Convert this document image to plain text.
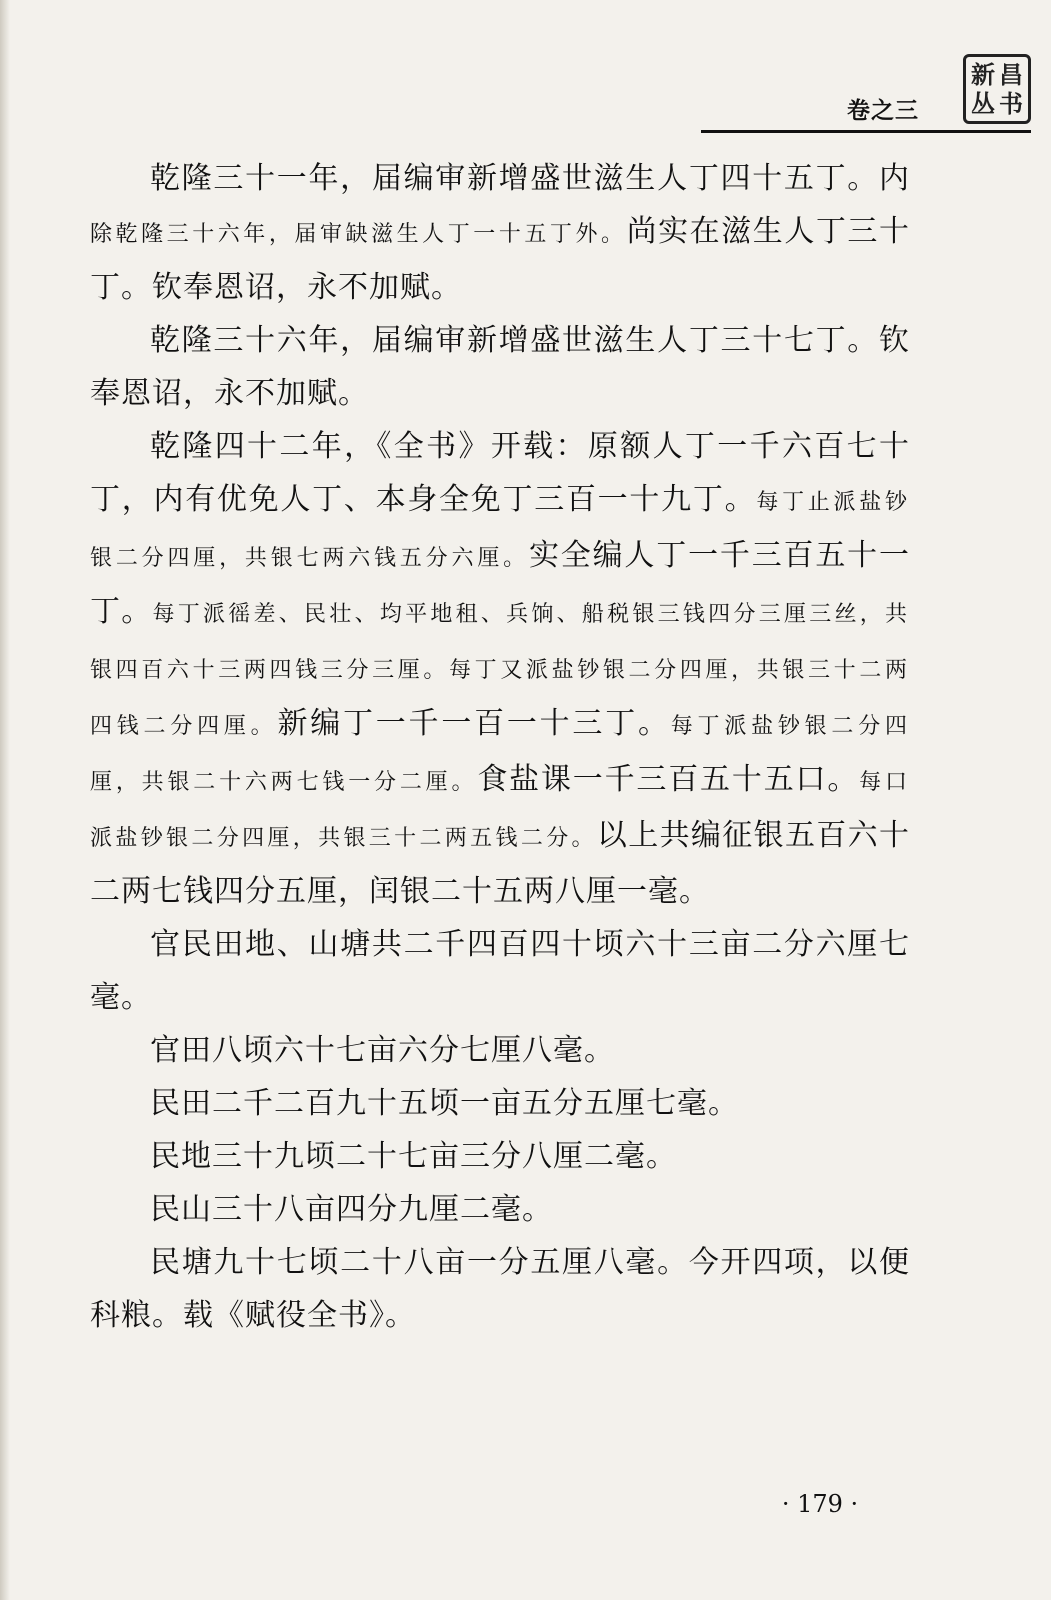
卷之三
新 昌
丛 书

乾隆三十一年，届编审新增盛世滋生人丁四十五丁。内除乾隆三十六年，届审缺滋生人丁一十五丁外。尚实在滋生人丁三十丁。钦奉恩诏，永不加赋。

乾隆三十六年，届编审新增盛世滋生人丁三十七丁。钦奉恩诏，永不加赋。

乾隆四十二年，《全书》开载：原额人丁一千六百七十丁，内有优免人丁、本身全免丁三百一十九丁。每丁止派盐钞银二分四厘，共银七两六钱五分六厘。实全编人丁一千三百五十一丁。每丁派徭差、民壮、均平地租、兵饷、船税银三钱四分三厘三丝，共银四百六十三两四钱三分三厘。每丁又派盐钞银二分四厘，共银三十二两四钱二分四厘。新编丁一千一百一十三丁。每丁派盐钞银二分四厘，共银二十六两七钱一分二厘。食盐课一千三百五十五口。每口派盐钞银二分四厘，共银三十二两五钱二分。以上共编征银五百六十二两七钱四分五厘，闰银二十五两八厘一毫。

官民田地、山塘共二千四百四十顷六十三亩二分六厘七毫。

官田八顷六十七亩六分七厘八毫。

民田二千二百九十五顷一亩五分五厘七毫。

民地三十九顷二十七亩三分八厘二毫。

民山三十八亩四分九厘二毫。

民塘九十七顷二十八亩一分五厘八毫。今开四项，以便科粮。载《赋役全书》。

· 179 ·
